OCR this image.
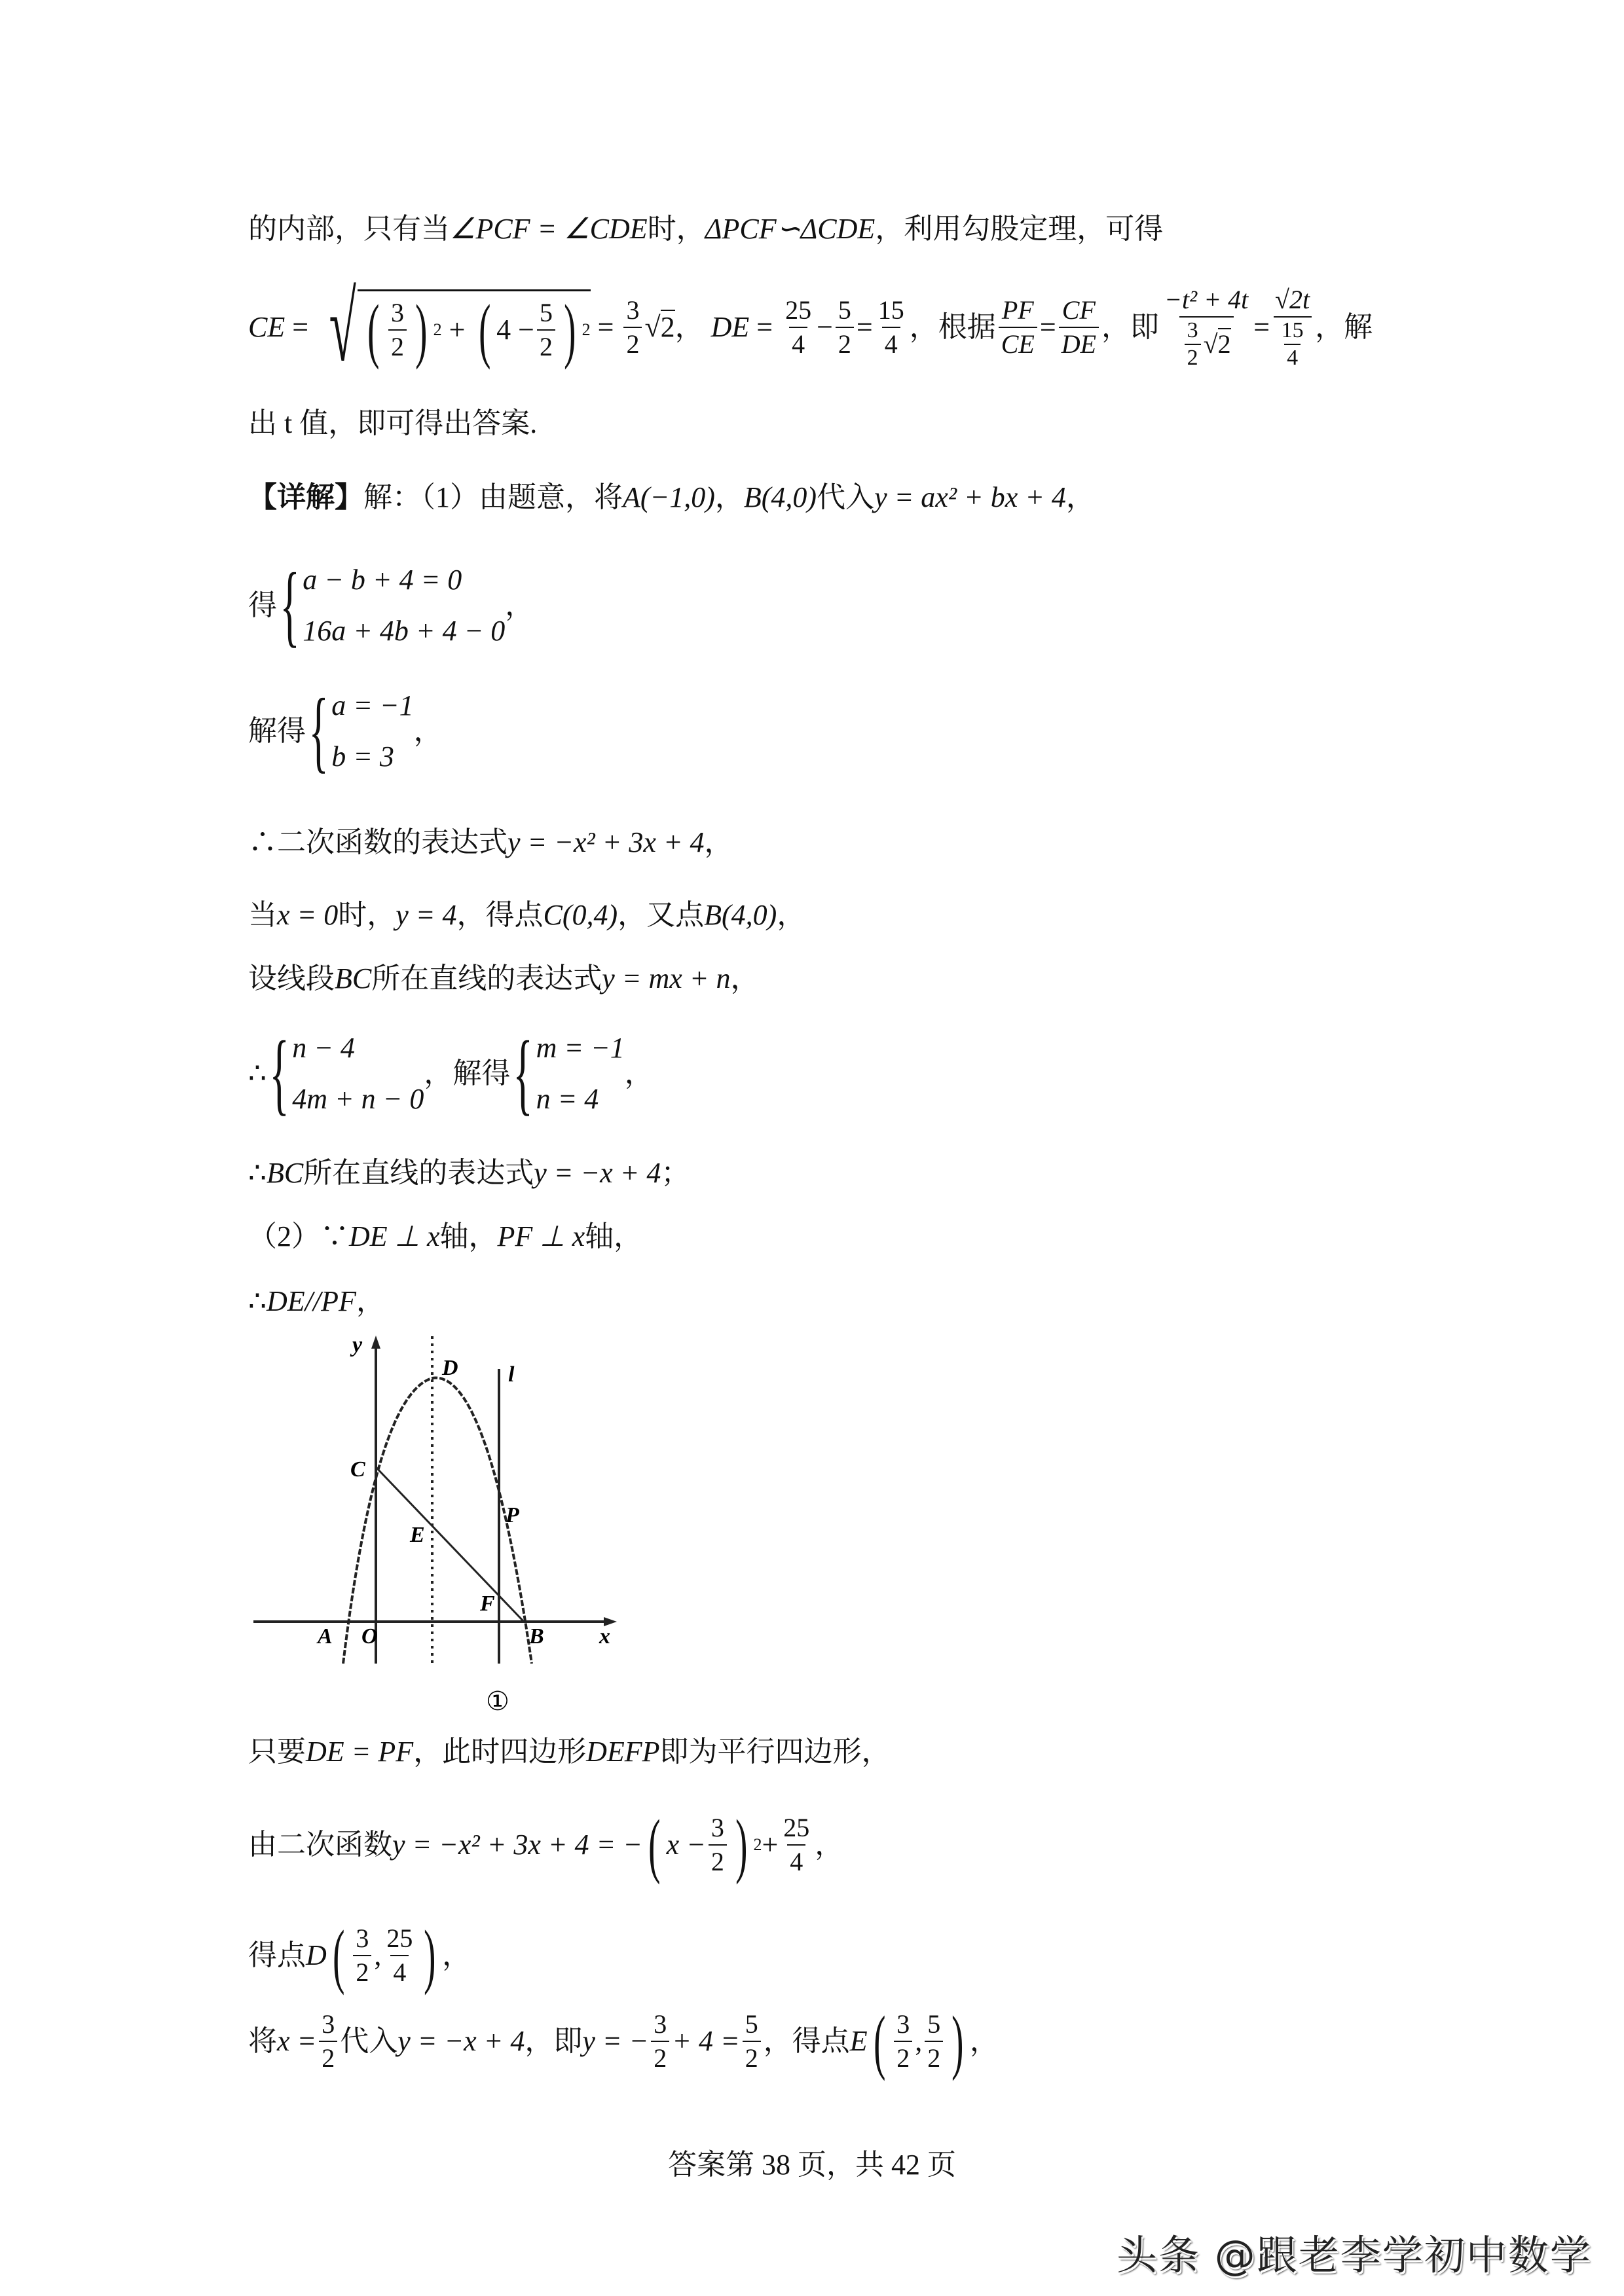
的内部，只有当 ∠PCF = ∠CDE 时， ΔPCF∽ΔCDE ，利用勾股定理，可得
CE = √ ( $\frac{3}{2}$ ) 2 + ( $4 - \frac{5}{2}$ ) $2 = \frac{3}{2} √2$ ， DE = $\frac{25}{4} - \frac{5}{2} = \frac{15}{4}$ ，根据 $\frac{PF}{CE} = \frac{CF}{DE}$ ，即 $\frac{\text{−t² + 4t}}{\frac{3}{2} √2} = \frac{√2t}{\frac{15}{4}}$ ，解
出 t 值，即可得出答案.
【详解】 解：（1）由题意，将 A(−1,0) ， B(4,0) 代入 y = ax² + bx + 4 ，
得 { a − b + 4 = 0
16a + 4b + 4 − 0
，
解得 { a = −1
b = 3
，
∴二次函数的表达式 y = −x² + 3x + 4 ，
当 x = 0 时， y = 4 ，得点 C(0,4) ，又点 B(4,0) ，
设线段 BC 所在直线的表达式 y = mx + n ，
∴ { n − 4
4m + n − 0
，解得 { m = −1
n = 4
，
∴ BC 所在直线的表达式 y = −x + 4 ；
（2）∵ DE ⊥ x 轴， PF ⊥ x 轴，
∴ DE//PF ，
y
D l
C
P
E
F
A O	B x
①
只要 DE = PF ，此时四边形 DEFP 即为平行四边形，
由二次函数 y = −x² + 3x + 4 = − ( $x - \frac{3}{2}$ ) $2 + \frac{25}{4}$ ，
得点 D ( $\frac{3}{2}$ , $\frac{25}{4}$ ) ，
将 $x = \frac{3}{2}$ 代入 y = −x + 4 ，即 y = − $\frac{3}{2} + 4 = \frac{5}{2}$ ，得点 E ( $\frac{3}{2}$ , $\frac{5}{2}$ ) ，
答案第 38 页，共 42 页
头条 @跟老李学初中数学
